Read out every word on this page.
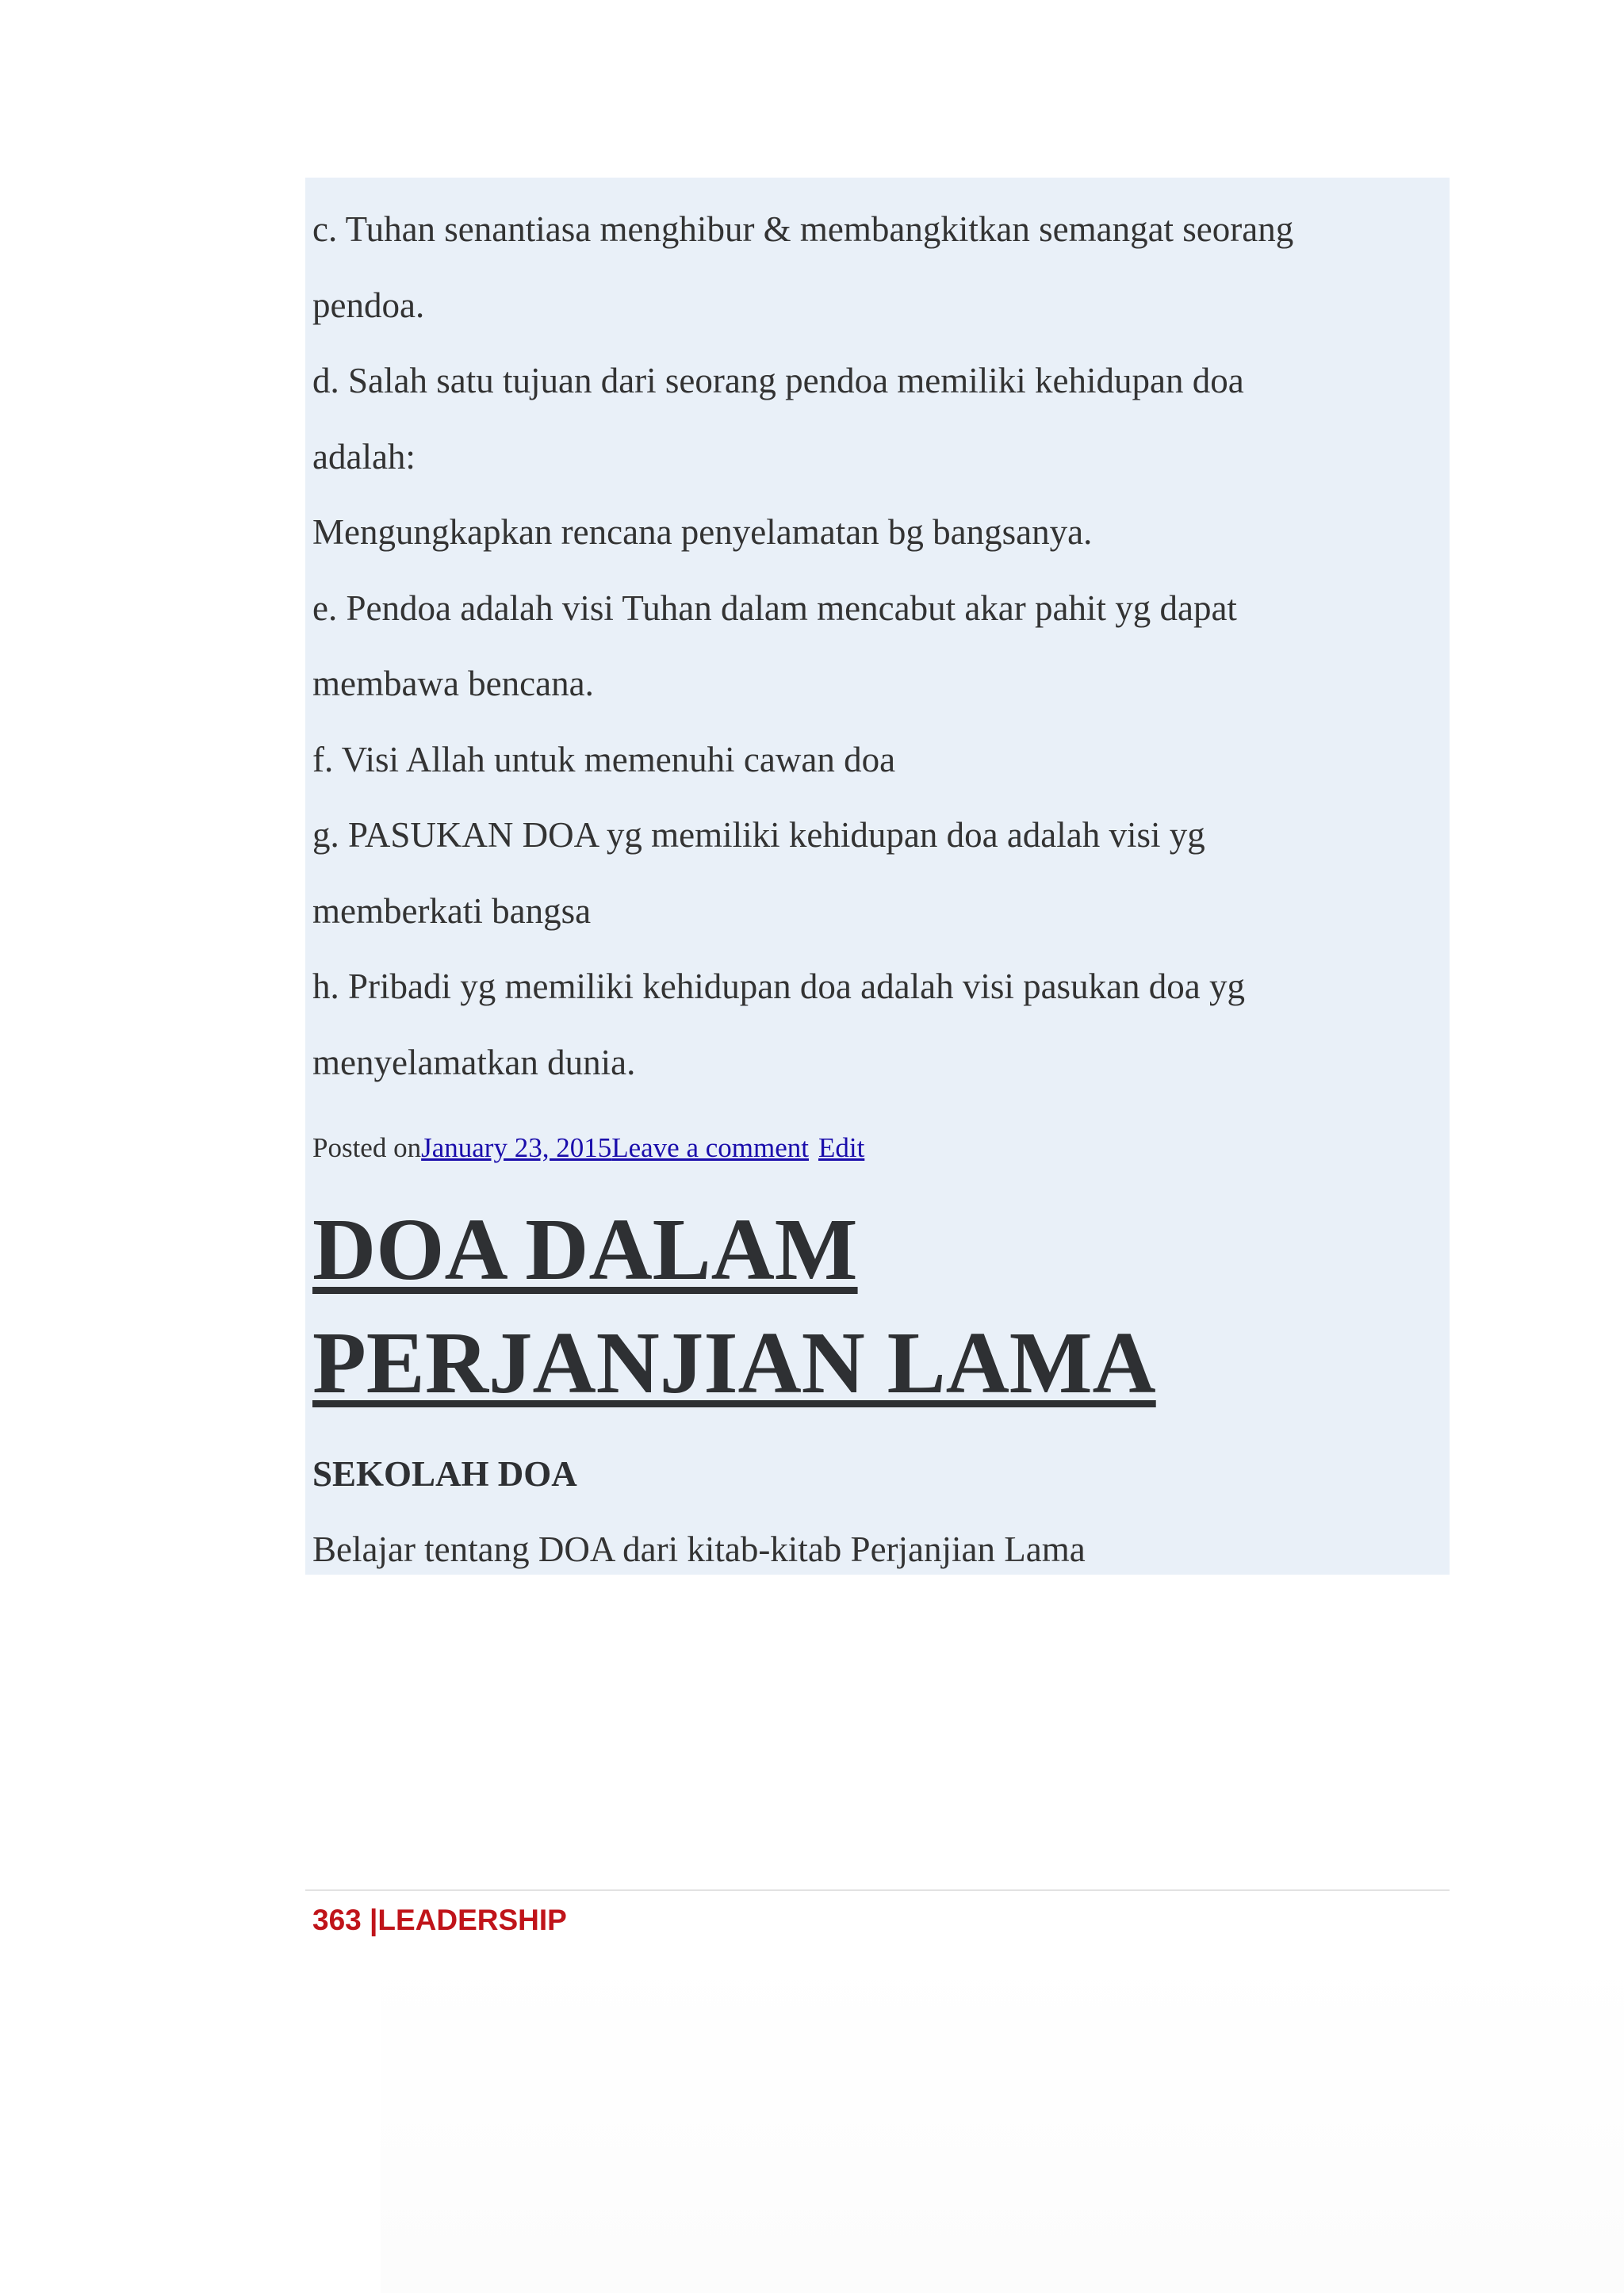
c. Tuhan senantiasa menghibur & membangkitkan semangat seorang
pendoa.
d. Salah satu tujuan dari seorang pendoa memiliki kehidupan doa
adalah:
Mengungkapkan rencana penyelamatan bg bangsanya.
e. Pendoa adalah visi Tuhan dalam mencabut akar pahit yg dapat
membawa bencana.
f. Visi Allah untuk memenuhi cawan doa
g. PASUKAN DOA yg memiliki kehidupan doa adalah visi yg
memberkati bangsa
h. Pribadi yg memiliki kehidupan doa adalah visi pasukan doa yg
menyelamatkan dunia.
Posted onJanuary 23, 2015Leave a comment Edit
DOA DALAM
PERJANJIAN LAMA
SEKOLAH DOA
Belajar tentang DOA dari kitab-kitab Perjanjian Lama
363 |LEADERSHIP
